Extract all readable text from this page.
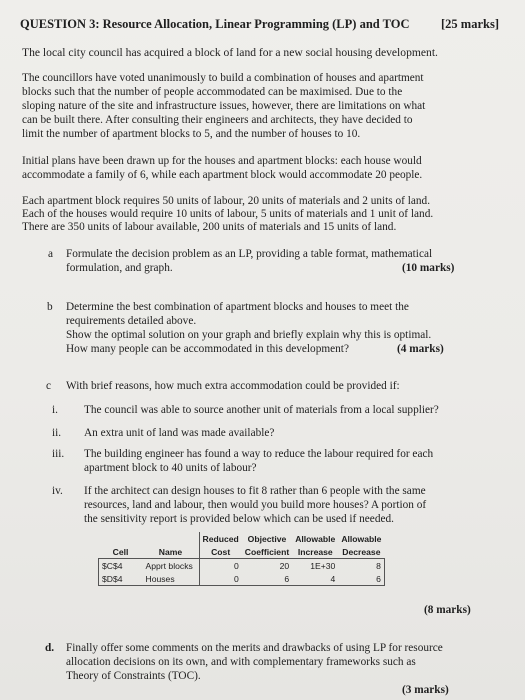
QUESTION 3: Resource Allocation, Linear Programming (LP) and TOC	[25 marks]
The local city council has acquired a block of land for a new social housing development.
The councillors have voted unanimously to build a combination of houses and apartment
blocks such that the number of people accommodated can be maximised. Due to the
sloping nature of the site and infrastructure issues, however, there are limitations on what
can be built there. After consulting their engineers and architects, they have decided to
limit the number of apartment blocks to 5, and the number of houses to 10.
Initial plans have been drawn up for the houses and apartment blocks: each house would
accommodate a family of 6, while each apartment block would accommodate 20 people.
Each apartment block requires 50 units of labour, 20 units of materials and 2 units of land.
Each of the houses would require 10 units of labour, 5 units of materials and 1 unit of land.
There are 350 units of labour available, 200 units of materials and 15 units of land.
a Formulate the decision problem as an LP, providing a table format, mathematical
formulation, and graph.	(10 marks)
b Determine the best combination of apartment blocks and houses to meet the
requirements detailed above.
Show the optimal solution on your graph and briefly explain why this is optimal.
How many people can be accommodated in this development?	(4 marks)
c With brief reasons, how much extra accommodation could be provided if:
i. The council was able to source another unit of materials from a local supplier?
ii. An extra unit of land was made available?
iii. The building engineer has found a way to reduce the labour required for each
apartment block to 40 units of labour?
iv. If the architect can design houses to fit 8 rather than 6 people with the same
resources, land and labour, then would you build more houses? A portion of
the sensitivity report is provided below which can be used if needed.
		Reduced	Objective	Allowable	Allowable
Cell	Name	Cost	Coefficient	Increase	Decrease
$C$4	Apprt blocks	0	20	1E+30	8
$D$4	Houses	0	6	4	6
(8 marks)
d. Finally offer some comments on the merits and drawbacks of using LP for resource
allocation decisions on its own, and with complementary frameworks such as
Theory of Constraints (TOC).
(3 marks)
